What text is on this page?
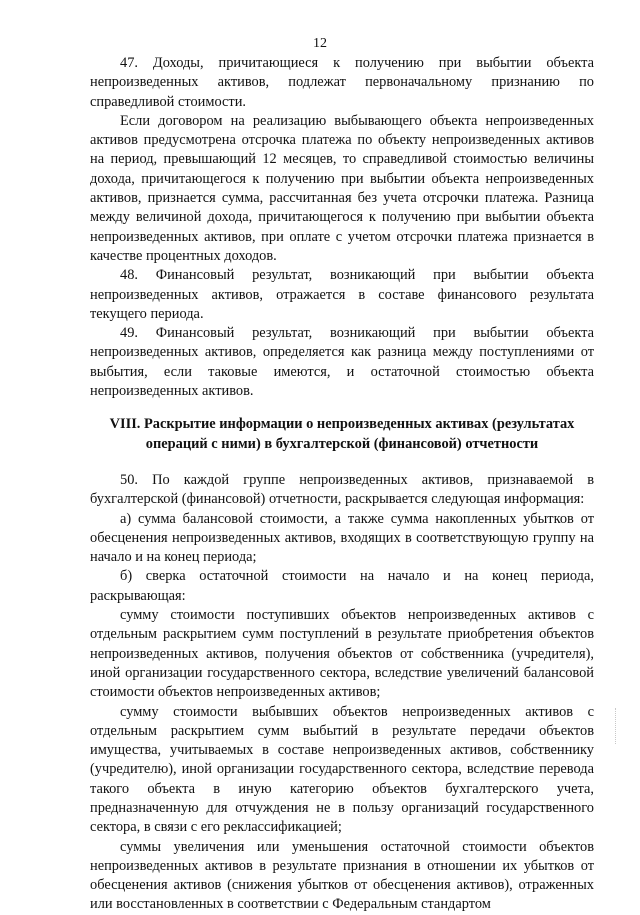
12

47. Доходы, причитающиеся к получению при выбытии объекта непроизведенных активов, подлежат первоначальному признанию по справедливой стоимости.

Если договором на реализацию выбывающего объекта непроизведенных активов предусмотрена отсрочка платежа по объекту непроизведенных активов на период, превышающий 12 месяцев, то справедливой стоимостью величины дохода, причитающегося к получению при выбытии объекта непроизведенных активов, признается сумма, рассчитанная без учета отсрочки платежа. Разница между величиной дохода, причитающегося к получению при выбытии объекта непроизведенных активов, при оплате с учетом отсрочки платежа признается в качестве процентных доходов.

48. Финансовый результат, возникающий при выбытии объекта непроизведенных активов, отражается в составе финансового результата текущего периода.

49. Финансовый результат, возникающий при выбытии объекта непроизведенных активов, определяется как разница между поступлениями от выбытия, если таковые имеются, и остаточной стоимостью объекта непроизведенных активов.

VIII. Раскрытие информации о непроизведенных активах (результатах операций с ними) в бухгалтерской (финансовой) отчетности

50. По каждой группе непроизведенных активов, признаваемой в бухгалтерской (финансовой) отчетности, раскрывается следующая информация:

а) сумма балансовой стоимости, а также сумма накопленных убытков от обесценения непроизведенных активов, входящих в соответствующую группу на начало и на конец периода;

б) сверка остаточной стоимости на начало и на конец периода, раскрывающая:

сумму стоимости поступивших объектов непроизведенных активов с отдельным раскрытием сумм поступлений в результате приобретения объектов непроизведенных активов, получения объектов от собственника (учредителя), иной организации государственного сектора, вследствие увеличений балансовой стоимости объектов непроизведенных активов;

сумму стоимости выбывших объектов непроизведенных активов с отдельным раскрытием сумм выбытий в результате передачи объектов имущества, учитываемых в составе непроизведенных активов, собственнику (учредителю), иной организации государственного сектора, вследствие перевода такого объекта в иную категорию объектов бухгалтерского учета, предназначенную для отчуждения не в пользу организаций государственного сектора, в связи с его реклассификацией;

суммы увеличения или уменьшения остаточной стоимости объектов непроизведенных активов в результате признания в отношении их убытков от обесценения активов (снижения убытков от обесценения активов), отраженных или восстановленных в соответствии с Федеральным стандартом
